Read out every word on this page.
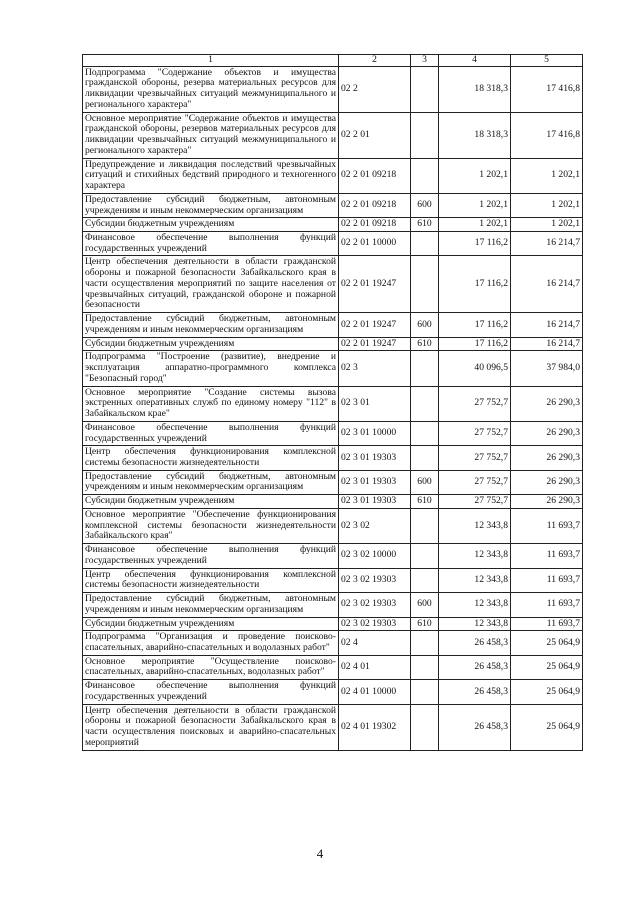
1	2	3	4	5
Подпрограмма "Содержание объектов и имущества гражданской обороны, резерва материальных ресурсов для ликвидации чрезвычайных ситуаций межмуниципального и регионального характера"	02 2		18 318,3	17 416,8
Основное мероприятие "Содержание объектов и имущества гражданской обороны, резервов материальных ресурсов для ликвидации чрезвычайных ситуаций межмуниципального и регионального характера"	02 2 01		18 318,3	17 416,8
Предупреждение и ликвидация последствий чрезвычайных ситуаций и стихийных бедствий природного и техногенного характера	02 2 01 09218		1 202,1	1 202,1
Предоставление субсидий бюджетным, автономным учреждениям и иным некоммерческим организациям	02 2 01 09218	600	1 202,1	1 202,1
Субсидии бюджетным учреждениям	02 2 01 09218	610	1 202,1	1 202,1
Финансовое обеспечение выполнения функций государственных учреждений	02 2 01 10000		17 116,2	16 214,7
Центр обеспечения деятельности в области гражданской обороны и пожарной безопасности Забайкальского края в части осуществления мероприятий по защите населения от чрезвычайных ситуаций, гражданской обороне и пожарной безопасности	02 2 01 19247		17 116,2	16 214,7
Предоставление субсидий бюджетным, автономным учреждениям и иным некоммерческим организациям	02 2 01 19247	600	17 116,2	16 214,7
Субсидии бюджетным учреждениям	02 2 01 19247	610	17 116,2	16 214,7
Подпрограмма "Построение (развитие), внедрение и эксплуатация аппаратно-программного комплекса "Безопасный город"	02 3		40 096,5	37 984,0
Основное мероприятие "Создание системы вызова экстренных оперативных служб по единому номеру "112" в Забайкальском крае"	02 3 01		27 752,7	26 290,3
Финансовое обеспечение выполнения функций государственных учреждений	02 3 01 10000		27 752,7	26 290,3
Центр обеспечения функционирования комплексной системы безопасности жизнедеятельности	02 3 01 19303		27 752,7	26 290,3
Предоставление субсидий бюджетным, автономным учреждениям и иным некоммерческим организациям	02 3 01 19303	600	27 752,7	26 290,3
Субсидии бюджетным учреждениям	02 3 01 19303	610	27 752,7	26 290,3
Основное мероприятие "Обеспечение функционирования комплексной системы безопасности жизнедеятельности Забайкальского края"	02 3 02		12 343,8	11 693,7
Финансовое обеспечение выполнения функций государственных учреждений	02 3 02 10000		12 343,8	11 693,7
Центр обеспечения функционирования комплексной системы безопасности жизнедеятельности	02 3 02 19303		12 343,8	11 693,7
Предоставление субсидий бюджетным, автономным учреждениям и иным некоммерческим организациям	02 3 02 19303	600	12 343,8	11 693,7
Субсидии бюджетным учреждениям	02 3 02 19303	610	12 343,8	11 693,7
Подпрограмма "Организация и проведение поисково-спасательных, аварийно-спасательных и водолазных работ"	02 4		26 458,3	25 064,9
Основное мероприятие "Осуществление поисково-спасательных, аварийно-спасательных, водолазных работ"	02 4 01		26 458,3	25 064,9
Финансовое обеспечение выполнения функций государственных учреждений	02 4 01 10000		26 458,3	25 064,9
Центр обеспечения деятельности в области гражданской обороны и пожарной безопасности Забайкальского края в части осуществления поисковых и аварийно-спасательных мероприятий	02 4 01 19302		26 458,3	25 064,9
4
